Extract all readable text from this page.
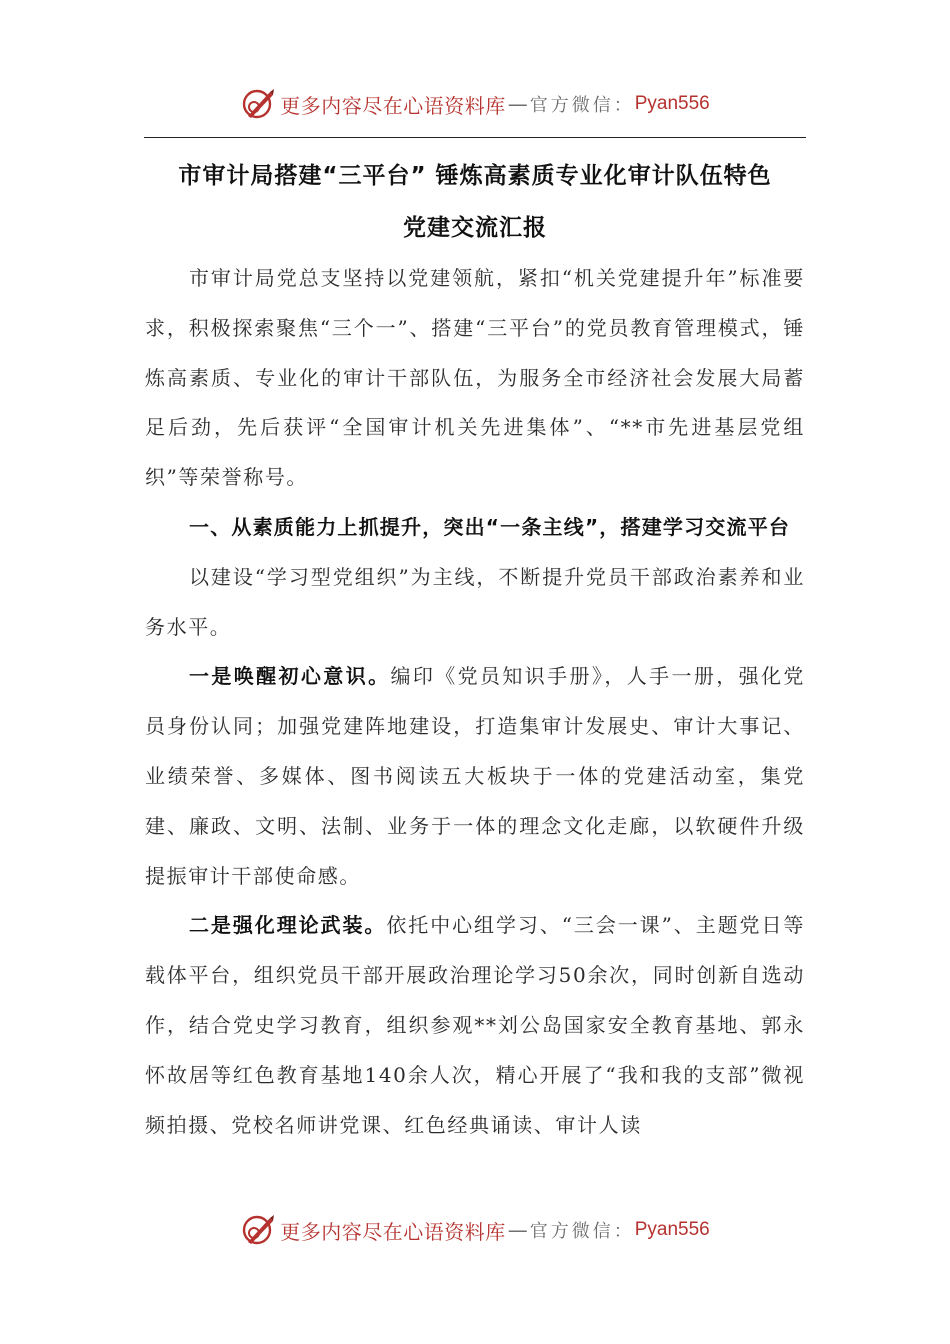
更多内容尽在心语资料库 — 官方微信： Pyan556

市审计局搭建“三平台” 锤炼高素质专业化审计队伍特色

党建交流汇报

市审计局党总支坚持以党建领航，紧扣“机关党建提升年”标准要求，积极探索聚焦“三个一”、搭建“三平台”的党员教育管理模式，锤炼高素质、专业化的审计干部队伍，为服务全市经济社会发展大局蓄足后劲，先后获评“全国审计机关先进集体”、“**市先进基层党组织”等荣誉称号。

一、从素质能力上抓提升，突出“一条主线”，搭建学习交流平台

以建设“学习型党组织”为主线，不断提升党员干部政治素养和业务水平。

一是唤醒初心意识。编印《党员知识手册》，人手一册，强化党员身份认同；加强党建阵地建设，打造集审计发展史、审计大事记、业绩荣誉、多媒体、图书阅读五大板块于一体的党建活动室，集党建、廉政、文明、法制、业务于一体的理念文化走廊，以软硬件升级提振审计干部使命感。

二是强化理论武装。依托中心组学习、“三会一课”、主题党日等载体平台，组织党员干部开展政治理论学习50余次，同时创新自选动作，结合党史学习教育，组织参观**刘公岛国家安全教育基地、郭永怀故居等红色教育基地140余人次，精心开展了“我和我的支部”微视频拍摄、党校名师讲党课、红色经典诵读、审计人读

更多内容尽在心语资料库 — 官方微信： Pyan556
